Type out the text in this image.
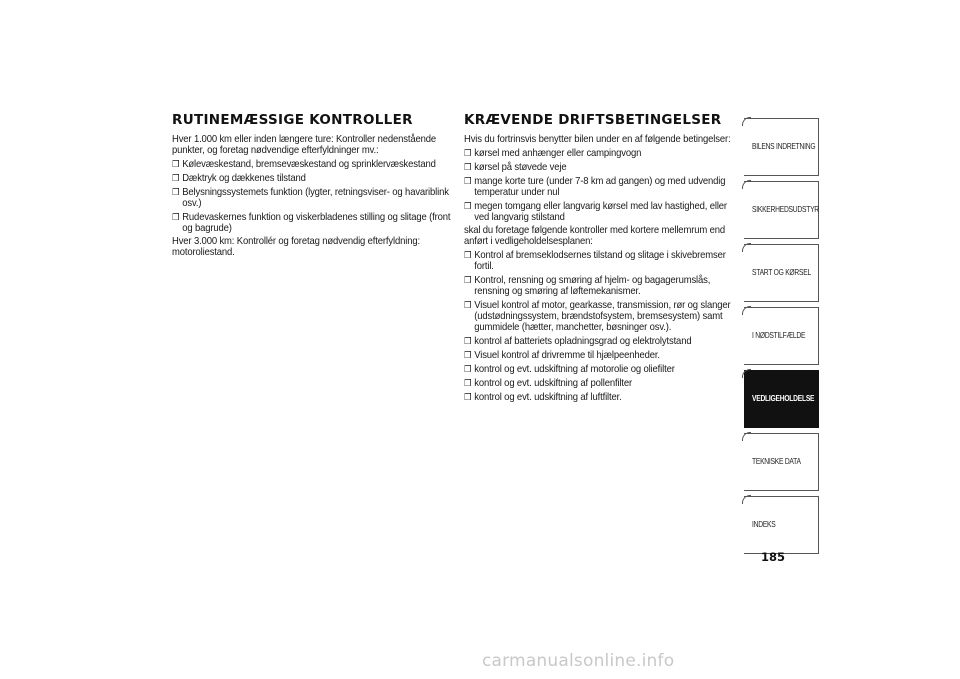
RUTINEMÆSSIGE KONTROLLER

Hver 1.000 km eller inden længere ture: Kontroller nedenstående punkter, og foretag nødvendige efterfyldninger mv.:

❒ Kølevæskestand, bremsevæskestand og sprinklervæskestand
❒ Dæktryk og dækkenes tilstand
❒ Belysningssystemets funktion (lygter, retningsviser- og havariblink osv.)
❒ Rudevaskernes funktion og viskerbladenes stilling og slitage (front og bagrude)

Hver 3.000 km: Kontrollér og foretag nødvendig efterfyldning: motoroliestand.

KRÆVENDE DRIFTSBETINGELSER

Hvis du fortrinsvis benytter bilen under en af følgende betingelser:

❒ kørsel med anhænger eller campingvogn
❒ kørsel på støvede veje
❒ mange korte ture (under 7-8 km ad gangen) og med udvendig temperatur under nul
❒ megen tomgang eller langvarig kørsel med lav hastighed, eller ved langvarig stilstand

skal du foretage følgende kontroller med kortere mellemrum end anført i vedligeholdelsesplanen:

❒ Kontrol af bremseklodsernes tilstand og slitage i skivebremser fortil.
❒ Kontrol, rensning og smøring af hjelm- og bagagerumslås, rensning og smøring af løftemekanismer.
❒ Visuel kontrol af motor, gearkasse, transmission, rør og slanger (udstødningssystem, brændstofsystem, bremsesystem) samt gummidele (hætter, manchetter, bøsninger osv.).
❒ kontrol af batteriets opladningsgrad og elektrolytstand
❒ Visuel kontrol af drivremme til hjælpeenheder.
❒ kontrol og evt. udskiftning af motorolie og oliefilter
❒ kontrol og evt. udskiftning af pollenfilter
❒ kontrol og evt. udskiftning af luftfilter.
BILENS INDRETNING
SIKKERHEDSUDSTYR
START OG KØRSEL
I NØDSTILFÆLDE
VEDLIGEHOLDELSE
TEKNISKE DATA
INDEKS
185
carmanualsonline.info
